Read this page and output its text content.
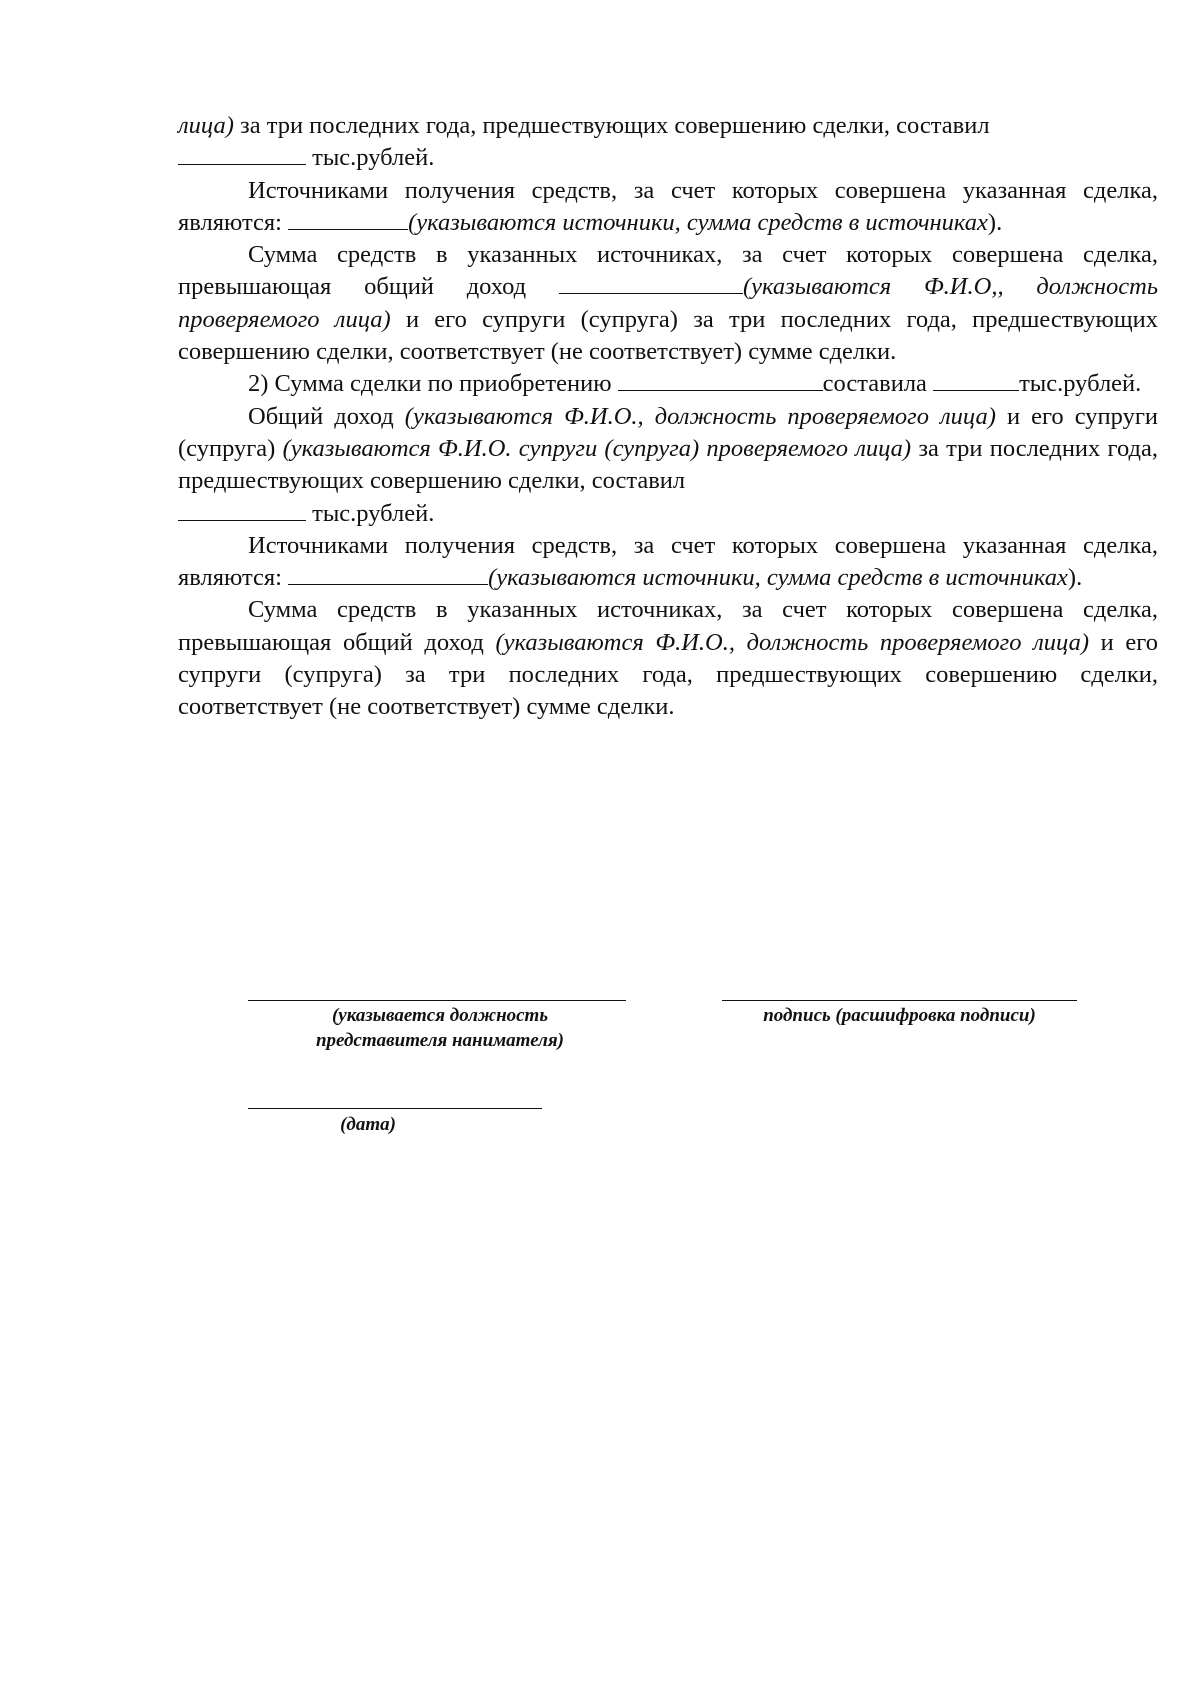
лица) за три последних года, предшествующих совершению сделки, составил
тыс.рублей.

Источниками получения средств, за счет которых совершена указанная сделка, являются:	(указываются источники, сумма средств в источниках).

Сумма средств в указанных источниках, за счет которых совершена сделка, превышающая общий доход	(указываются Ф.И.О,, должность проверяемого лица) и его супруги (супруга) за три последних года, предшествующих совершению сделки, соответствует (не соответствует) сумме сделки.

2) Сумма сделки по приобретению	составила	тыс.рублей.

Общий доход (указываются Ф.И.О., должность проверяемого лица) и его супруги (супруга) (указываются Ф.И.О. супруги (супруга) проверяемого лица) за три последних года, предшествующих совершению сделки, составил
тыс.рублей.

Источниками получения средств, за счет которых совершена указанная сделка, являются:	(указываются источники, сумма средств в источниках).

Сумма средств в указанных источниках, за счет которых совершена сделка, превышающая общий доход (указываются Ф.И.О., должность проверяемого лица) и его супруги (супруга) за три последних года, предшествующих совершению сделки, соответствует (не соответствует) сумме сделки.

(указывается должность
представителя нанимателя)
подпись (расшифровка подписи)
(дата)
